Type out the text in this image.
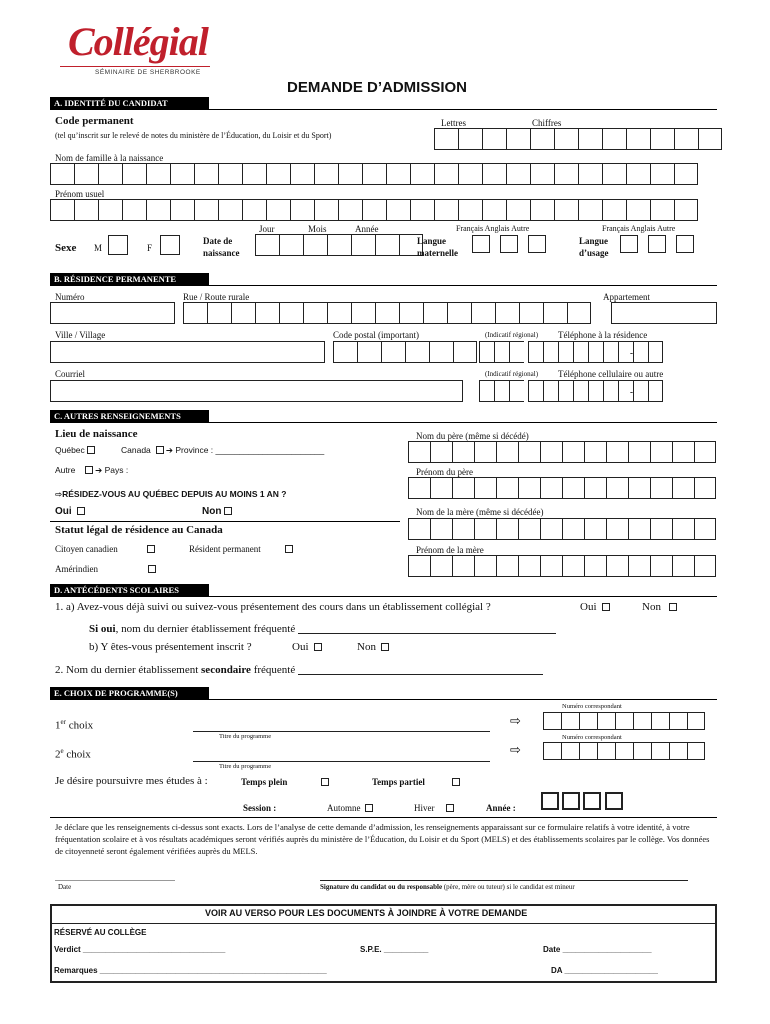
Collégial
SÉMINAIRE DE SHERBROOKE
DEMANDE D’ADMISSION
A. IDENTITÉ DU CANDIDAT
Code permanent
(tel qu’inscrit sur le relevé de notes du ministère de l’Éducation, du Loisir et du Sport)
Lettres	Chiffres
Nom de famille à la naissance
Prénom usuel
Jour	Mois	Année	Français Anglais Autre	Français Anglais Autre
Sexe M	F
Date de naissance
Langue maternelle
Langue d’usage
B. RÉSIDENCE PERMANENTE
Numéro	Rue / Route rurale	Appartement
Ville / Village	Code postal (important)	(Indicatif régional) Téléphone à la résidence
-
Courriel	(Indicatif régional) Téléphone cellulaire ou autre
-
C. AUTRES RENSEIGNEMENTS
Lieu de naissance
Québec	Canada ➔ Province : _______________________
Autre ➔ Pays :
Nom du père (même si décédé)
Prénom du père
⇨RÉSIDEZ-VOUS AU QUÉBEC DEPUIS AU MOINS 1 AN ?
Oui	Non	Nom de la mère (même si décédée)
Statut légal de résidence au Canada
Citoyen canadien	Résident permanent
Amérindien
Prénom de la mère
D. ANTÉCÉDENTS SCOLAIRES
1. a) Avez-vous déjà suivi ou suivez-vous présentement des cours dans un établissement collégial ?	Oui	Non
Si oui, nom du dernier établissement fréquenté
b) Y êtes-vous présentement inscrit ?	Oui	Non
2. Nom du dernier établissement secondaire fréquenté
E. CHOIX DE PROGRAMME(S) D’ÉTUDES	Numéro correspondant
1er choix
Titre du programme
⇨
Numéro correspondant
2e choix
Titre du programme
⇨
Je désire poursuivre mes études à :	Temps plein	Temps partiel
Session :	Automne	Hiver	Année :
Je déclare que les renseignements ci-dessus sont exacts. Lors de l’analyse de cette demande d’admission, les renseignements apparaissant sur ce formulaire relatifs à votre identité, à votre fréquentation scolaire et à vos résultats académiques seront vérifiés auprès du ministère de l’Éducation, du Loisir et du Sport (MELS) et des établissements scolaires par le collège. Vos données de citoyenneté seront également vérifiées auprès du MELS.
Date	Signature du candidat ou du responsable (père, mère ou tuteur) si le candidat est mineur
VOIR AU VERSO POUR LES DOCUMENTS À JOINDRE À VOTRE DEMANDE
RÉSERVÉ AU COLLÈGE
Verdict ________________________________	S.P.E. __________	Date ____________________
Remarques ___________________________________________________	DA _____________________
